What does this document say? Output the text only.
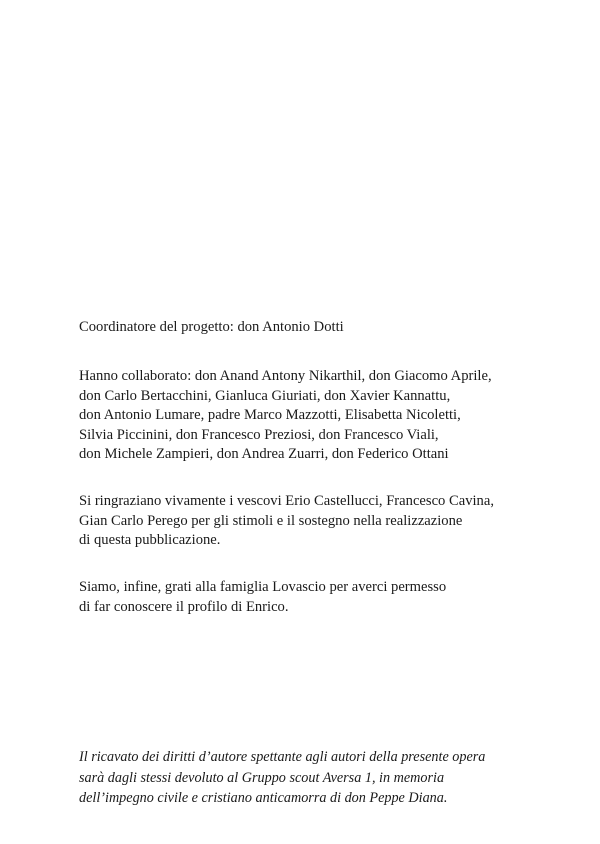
Coordinatore del progetto: don Antonio Dotti
Hanno collaborato: don Anand Antony Nikarthil, don Giacomo Aprile,
don Carlo Bertacchini, Gianluca Giuriati, don Xavier Kannattu,
don Antonio Lumare, padre Marco Mazzotti, Elisabetta Nicoletti,
Silvia Piccinini, don Francesco Preziosi, don Francesco Viali,
don Michele Zampieri, don Andrea Zuarri, don Federico Ottani
Si ringraziano vivamente i vescovi Erio Castellucci, Francesco Cavina,
Gian Carlo Perego per gli stimoli e il sostegno nella realizzazione
di questa pubblicazione.
Siamo, infine, grati alla famiglia Lovascio per averci permesso
di far conoscere il profilo di Enrico.
Il ricavato dei diritti d’autore spettante agli autori della presente opera
sarà dagli stessi devoluto al Gruppo scout Aversa 1, in memoria
dell’impegno civile e cristiano anticamorra di don Peppe Diana.
